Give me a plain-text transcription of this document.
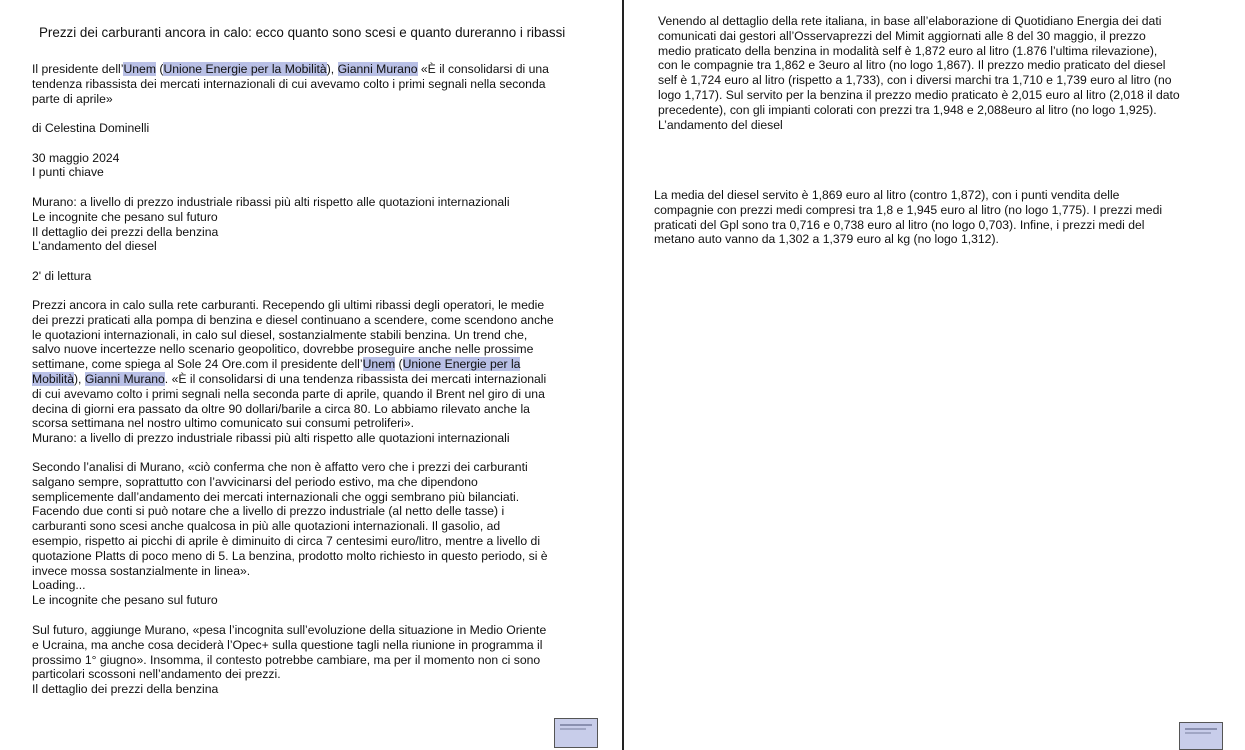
Prezzi dei carburanti ancora in calo: ecco quanto sono scesi e quanto dureranno i ribassi

Il presidente dell’Unem (Unione Energie per la Mobilità), Gianni Murano «È il consolidarsi di una
tendenza ribassista dei mercati internazionali di cui avevamo colto i primi segnali nella seconda
parte di aprile»

di Celestina Dominelli

30 maggio 2024

I punti chiave

Murano: a livello di prezzo industriale ribassi più alti rispetto alle quotazioni internazionali
Le incognite che pesano sul futuro
Il dettaglio dei prezzi della benzina
L’andamento del diesel

2' di lettura

Prezzi ancora in calo sulla rete carburanti. Recependo gli ultimi ribassi degli operatori, le medie
dei prezzi praticati alla pompa di benzina e diesel continuano a scendere, come scendono anche
le quotazioni internazionali, in calo sul diesel, sostanzialmente stabili benzina. Un trend che,
salvo nuove incertezze nello scenario geopolitico, dovrebbe proseguire anche nelle prossime
settimane, come spiega al Sole 24 Ore.com il presidente dell’Unem (Unione Energie per la
Mobilità), Gianni Murano. «È il consolidarsi di una tendenza ribassista dei mercati internazionali
di cui avevamo colto i primi segnali nella seconda parte di aprile, quando il Brent nel giro di una
decina di giorni era passato da oltre 90 dollari/barile a circa 80. Lo abbiamo rilevato anche la
scorsa settimana nel nostro ultimo comunicato sui consumi petroliferi».
Murano: a livello di prezzo industriale ribassi più alti rispetto alle quotazioni internazionali

Secondo l’analisi di Murano, «ciò conferma che non è affatto vero che i prezzi dei carburanti
salgano sempre, soprattutto con l’avvicinarsi del periodo estivo, ma che dipendono
semplicemente dall’andamento dei mercati internazionali che oggi sembrano più bilanciati.
Facendo due conti si può notare che a livello di prezzo industriale (al netto delle tasse) i
carburanti sono scesi anche qualcosa in più alle quotazioni internazionali. Il gasolio, ad
esempio, rispetto ai picchi di aprile è diminuito di circa 7 centesimi euro/litro, mentre a livello di
quotazione Platts di poco meno di 5. La benzina, prodotto molto richiesto in questo periodo, si è
invece mossa sostanzialmente in linea».
Loading...
Le incognite che pesano sul futuro

Sul futuro, aggiunge Murano, «pesa l’incognita sull’evoluzione della situazione in Medio Oriente
e Ucraina, ma anche cosa deciderà l’Opec+ sulla questione tagli nella riunione in programma il
prossimo 1° giugno». Insomma, il contesto potrebbe cambiare, ma per il momento non ci sono
particolari scossoni nell’andamento dei prezzi.
Il dettaglio dei prezzi della benzina

Venendo al dettaglio della rete italiana, in base all’elaborazione di Quotidiano Energia dei dati
comunicati dai gestori all’Osservaprezzi del Mimit aggiornati alle 8 del 30 maggio, il prezzo
medio praticato della benzina in modalità self è 1,872 euro al litro (1.876 l’ultima rilevazione),
con le compagnie tra 1,862 e 3euro al litro (no logo 1,867). Il prezzo medio praticato del diesel
self è 1,724 euro al litro (rispetto a 1,733), con i diversi marchi tra 1,710 e 1,739 euro al litro (no
logo 1,717). Sul servito per la benzina il prezzo medio praticato è 2,015 euro al litro (2,018 il dato
precedente), con gli impianti colorati con prezzi tra 1,948 e 2,088euro al litro (no logo 1,925).
L’andamento del diesel

La media del diesel servito è 1,869 euro al litro (contro 1,872), con i punti vendita delle
compagnie con prezzi medi compresi tra 1,8 e 1,945 euro al litro (no logo 1,775). I prezzi medi
praticati del Gpl sono tra 0,716 e 0,738 euro al litro (no logo 0,703). Infine, i prezzi medi del
metano auto vanno da 1,302 a 1,379 euro al kg (no logo 1,312).
